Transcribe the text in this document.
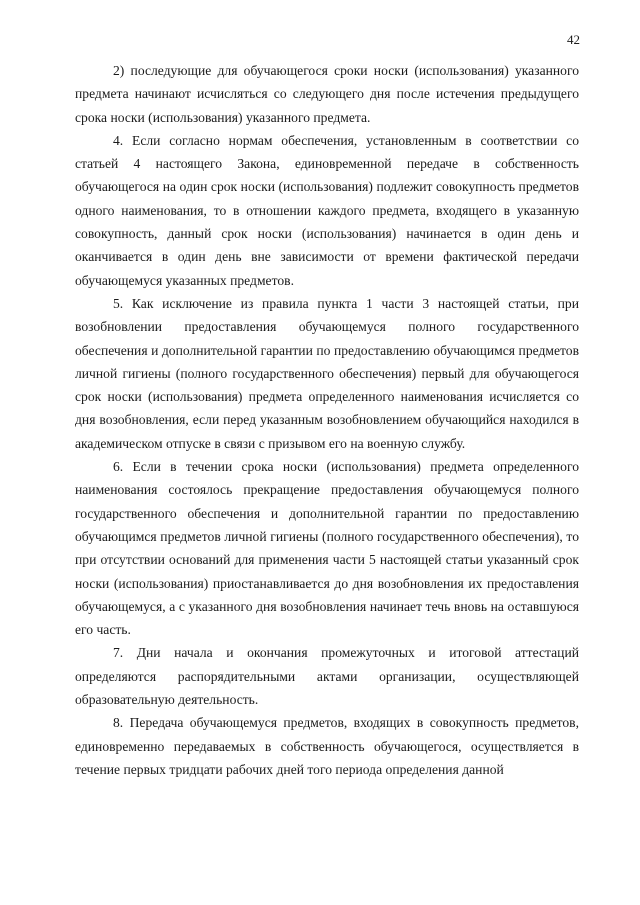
42

2) последующие для обучающегося сроки носки (использования) указанного предмета начинают исчисляться со следующего дня после истечения предыдущего срока носки (использования) указанного предмета.

4. Если согласно нормам обеспечения, установленным в соответствии со статьей 4 настоящего Закона, единовременной передаче в собственность обучающегося на один срок носки (использования) подлежит совокупность предметов одного наименования, то в отношении каждого предмета, входящего в указанную совокупность, данный срок носки (использования) начинается в один день и оканчивается в один день вне зависимости от времени фактической передачи обучающемуся указанных предметов.

5. Как исключение из правила пункта 1 части 3 настоящей статьи, при возобновлении предоставления обучающемуся полного государственного обеспечения и дополнительной гарантии по предоставлению обучающимся предметов личной гигиены (полного государственного обеспечения) первый для обучающегося срок носки (использования) предмета определенного наименования исчисляется со дня возобновления, если перед указанным возобновлением обучающийся находился в академическом отпуске в связи с призывом его на военную службу.

6. Если в течении срока носки (использования) предмета определенного наименования состоялось прекращение предоставления обучающемуся полного государственного обеспечения и дополнительной гарантии по предоставлению обучающимся предметов личной гигиены (полного государственного обеспечения), то при отсутствии оснований для применения части 5 настоящей статьи указанный срок носки (использования) приостанавливается до дня возобновления их предоставления обучающемуся, а с указанного дня возобновления начинает течь вновь на оставшуюся его часть.

7. Дни начала и окончания промежуточных и итоговой аттестаций определяются распорядительными актами организации, осуществляющей образовательную деятельность.

8. Передача обучающемуся предметов, входящих в совокупность предметов, единовременно передаваемых в собственность обучающегося, осуществляется в течение первых тридцати рабочих дней того периода определения данной
